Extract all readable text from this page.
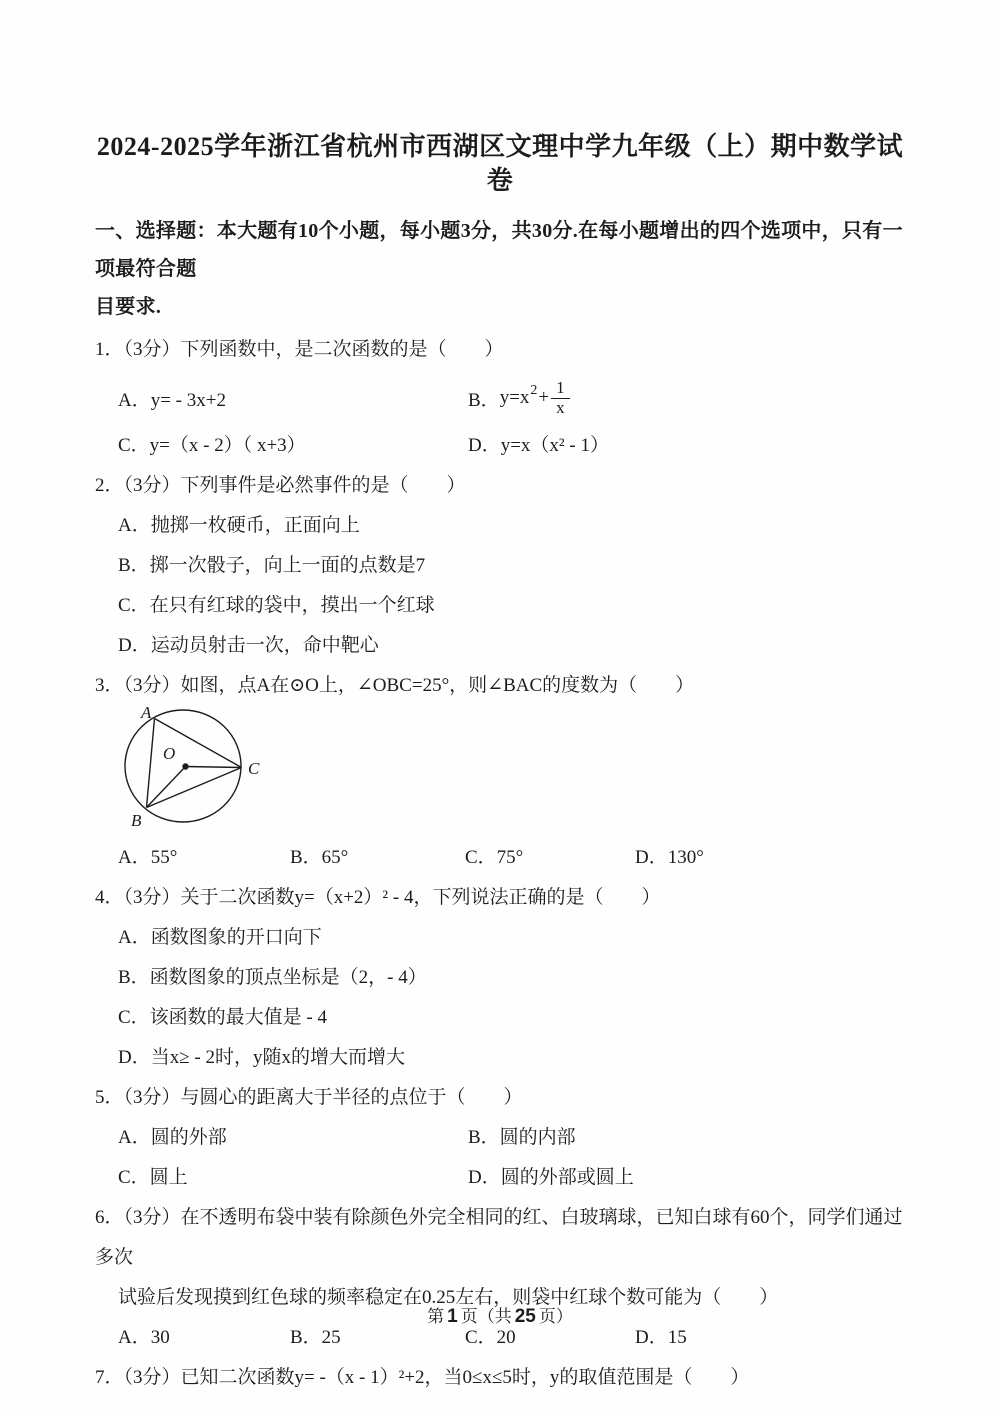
2024-2025学年浙江省杭州市西湖区文理中学九年级（上）期中数学试卷
一、选择题：本大题有10个小题，每小题3分，共30分.在每小题增出的四个选项中，只有一项最符合题
目要求.
1．（3分）下列函数中，是二次函数的是（　　）
A．y= - 3x+2	B． $y=x^2 + \frac{1}{x}$
C．y=（x - 2）（ x+3）	D．y=x（x² - 1）
2．（3分）下列事件是必然事件的是（　　）
A．抛掷一枚硬币，正面向上
B．掷一次骰子，向上一面的点数是7
C．在只有红球的袋中，摸出一个红球
D．运动员射击一次，命中靶心
3．（3分）如图，点A在⊙O上，∠OBC=25°，则∠BAC的度数为（　　）
A
B
C
O
A．55°	B．65°	C．75°	D．130°
4．（3分）关于二次函数y=（x+2）² - 4，下列说法正确的是（　　）
A．函数图象的开口向下
B．函数图象的顶点坐标是（2，- 4）
C．该函数的最大值是 - 4
D．当x≥ - 2时，y随x的增大而增大
5．（3分）与圆心的距离大于半径的点位于（　　）
A．圆的外部	B．圆的内部
C．圆上	D．圆的外部或圆上
6．（3分）在不透明布袋中装有除颜色外完全相同的红、白玻璃球，已知白球有60个，同学们通过多次
试验后发现摸到红色球的频率稳定在0.25左右，则袋中红球个数可能为（　　）
A．30	B．25	C．20	D．15
7．（3分）已知二次函数y= -（x - 1）²+2，当0≤x≤5时，y的取值范围是（　　）
第 1 页（共 25 页）
